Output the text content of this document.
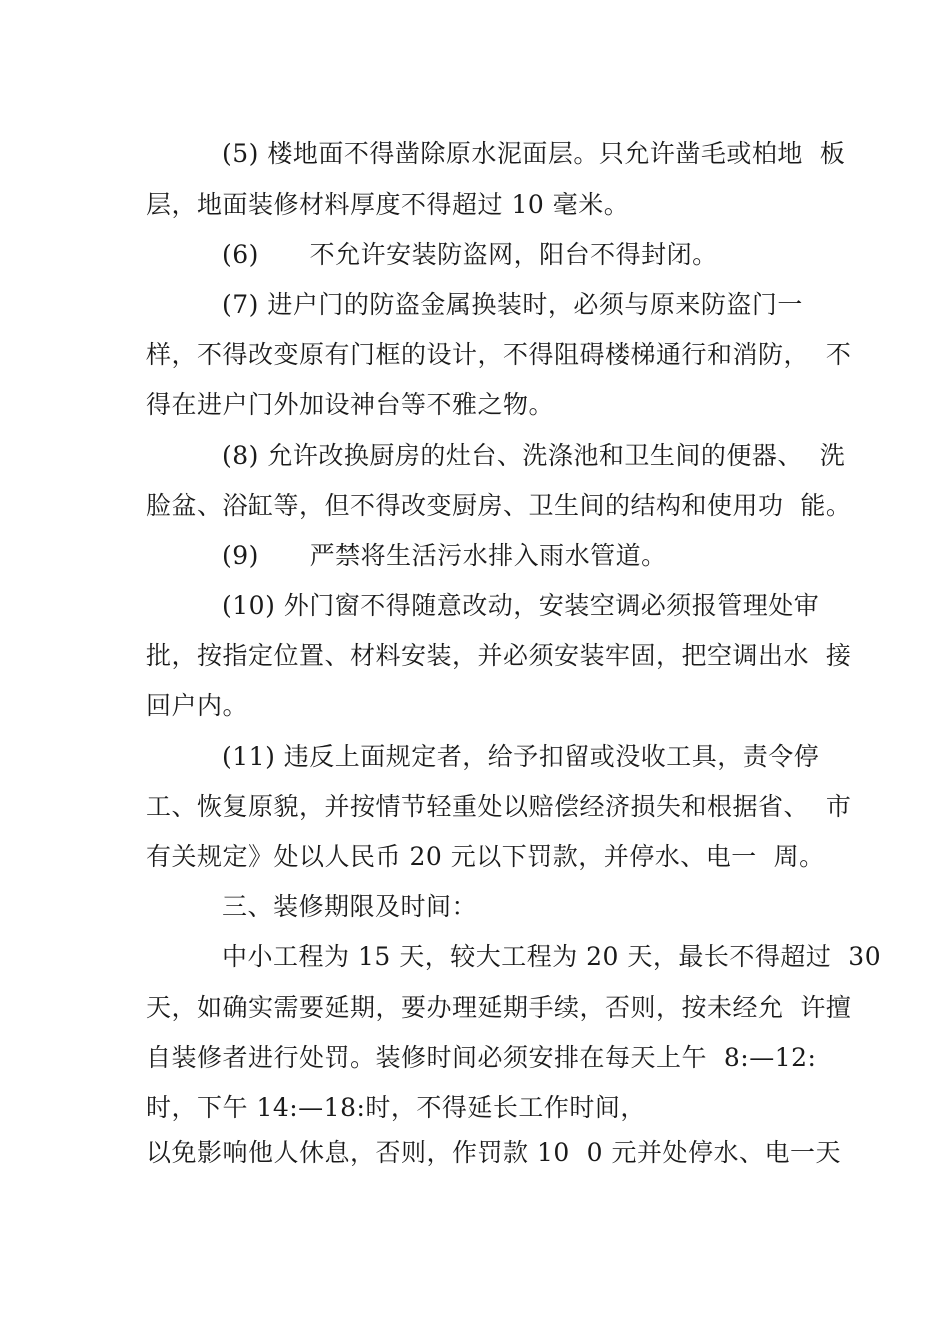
(5) 楼地面不得凿除原水泥面层。只允许凿毛或柏地  板
层，地面装修材料厚度不得超过 10 毫米。
(6)      不允许安装防盗网，阳台不得封闭。
(7) 进户门的防盗金属换装时，必须与原来防盗门一
样，不得改变原有门框的设计，不得阻碍楼梯通行和消防，  不
得在进户门外加设神台等不雅之物。
(8) 允许改换厨房的灶台、洗涤池和卫生间的便器、  洗
脸盆、浴缸等，但不得改变厨房、卫生间的结构和使用功  能。
(9)      严禁将生活污水排入雨水管道。
(10) 外门窗不得随意改动，安装空调必须报管理处审
批，按指定位置、材料安装，并必须安装牢固，把空调出水  接
回户内。
(11) 违反上面规定者，给予扣留或没收工具，责令停
工、恢复原貌，并按情节轻重处以赔偿经济损失和根据省、  市
有关规定》处以人民币 20 元以下罚款，并停水、电一  周。
三、装修期限及时间：
中小工程为 15 天，较大工程为 20 天，最长不得超过  30
天，如确实需要延期，要办理延期手续，否则，按未经允  许擅
自装修者进行处罚。装修时间必须安排在每天上午  8:—12:
时，下午 14:—18:时，不得延长工作时间，
以免影响他人休息，否则，作罚款 10  0 元并处停水、电一天
